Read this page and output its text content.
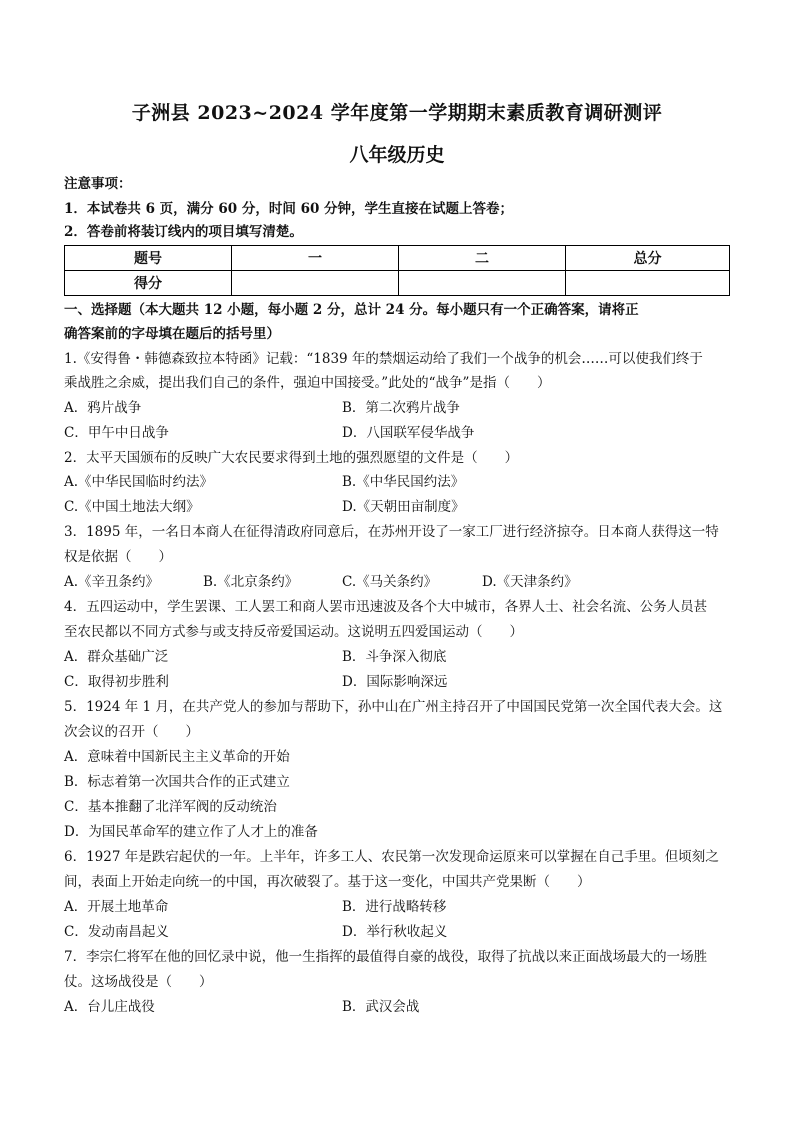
子洲县 2023~2024 学年度第一学期期末素质教育调研测评
八年级历史
注意事项：
1．本试卷共 6 页，满分 60 分，时间 60 分钟，学生直接在试题上答卷；
2．答卷前将装订线内的项目填写清楚。
题号	一	二	总分
得分			
一、选择题（本大题共 12 小题，每小题 2 分，总计 24 分。每小题只有一个正确答案，请将正
确答案前的字母填在题后的括号里）
1.《安得鲁・韩德森致拉本特函》记载：“1839 年的禁烟运动给了我们一个战争的机会……可以使我们终于
乘战胜之余威，提出我们自己的条件，强迫中国接受。”此处的“战争”是指（　　）
A．鸦片战争	B．第二次鸦片战争
C．甲午中日战争	D．八国联军侵华战争
2．太平天国颁布的反映广大农民要求得到土地的强烈愿望的文件是（　　）
A.《中华民国临时约法》	B.《中华民国约法》
C.《中国土地法大纲》	D.《天朝田亩制度》
3．1895 年，一名日本商人在征得清政府同意后，在苏州开设了一家工厂进行经济掠夺。日本商人获得这一特
权是依据（　　）
A.《辛丑条约》	B.《北京条约》	C.《马关条约》	D.《天津条约》
4．五四运动中，学生罢课、工人罢工和商人罢市迅速波及各个大中城市，各界人士、社会名流、公务人员甚
至农民都以不同方式参与或支持反帝爱国运动。这说明五四爱国运动（　　）
A．群众基础广泛	B．斗争深入彻底
C．取得初步胜利	D．国际影响深远
5．1924 年 1 月，在共产党人的参加与帮助下，孙中山在广州主持召开了中国国民党第一次全国代表大会。这
次会议的召开（　　）
A．意味着中国新民主主义革命的开始
B．标志着第一次国共合作的正式建立
C．基本推翻了北洋军阀的反动统治
D．为国民革命军的建立作了人才上的准备
6．1927 年是跌宕起伏的一年。上半年，许多工人、农民第一次发现命运原来可以掌握在自己手里。但顷刻之
间，表面上开始走向统一的中国，再次破裂了。基于这一变化，中国共产党果断（　　）
A．开展土地革命	B．进行战略转移
C．发动南昌起义	D．举行秋收起义
7．李宗仁将军在他的回忆录中说，他一生指挥的最值得自豪的战役，取得了抗战以来正面战场最大的一场胜
仗。这场战役是（　　）
A．台儿庄战役	B．武汉会战
